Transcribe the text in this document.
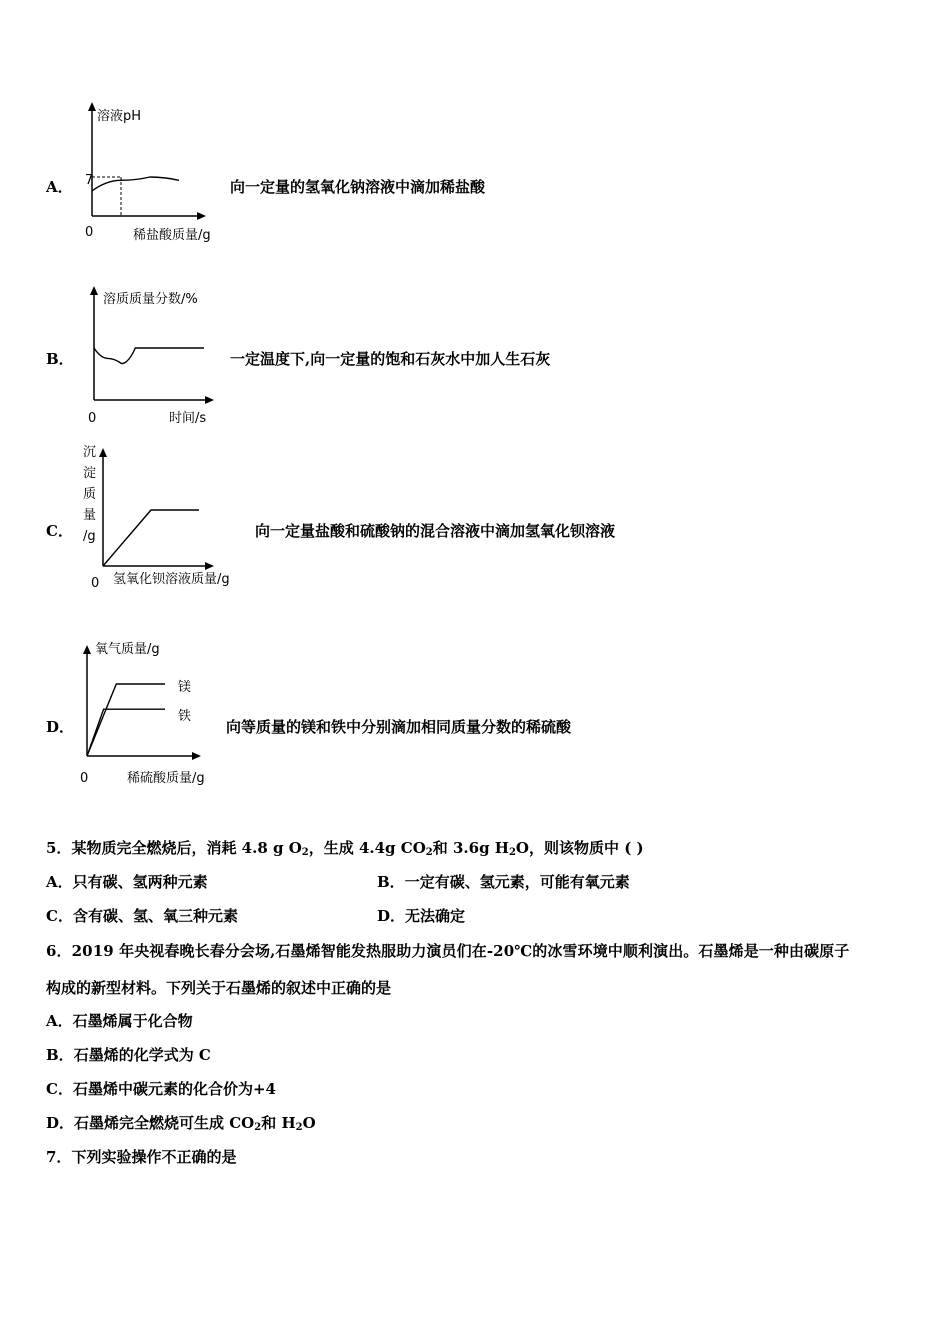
A．
溶液pH
7
0	稀盐酸质量/g
向一定量的氢氧化钠溶液中滴加稀盐酸
B．
溶质质量分数/%
0	时间/s
一定温度下,向一定量的饱和石灰水中加人生石灰
C．
沉
淀
质
量
/g
0 氢氧化钡溶液质量/g
向一定量盐酸和硫酸钠的混合溶液中滴加氢氧化钡溶液
D．
氧气质量/g
镁
铁
0	稀硫酸质量/g
向等质量的镁和铁中分别滴加相同质量分数的稀硫酸
5．某物质完全燃烧后，消耗 4.8 g $O_2$，生成 4.4g $CO_2$和 3.6g $H_2O$，则该物质中 ( )
A．只有碳、氢两种元素	B．一定有碳、氢元素，可能有氧元素
C．含有碳、氢、氧三种元素	D．无法确定
6．2019 年央视春晚长春分会场,石墨烯智能发热服助力演员们在-20℃的冰雪环境中顺利演出。石墨烯是一种由碳原子
构成的新型材料。下列关于石墨烯的叙述中正确的是
A．石墨烯属于化合物
B．石墨烯的化学式为 C
C．石墨烯中碳元素的化合价为+4
D．石墨烯完全燃烧可生成 $CO_2$和 $H_2O$
7．下列实验操作不正确的是
